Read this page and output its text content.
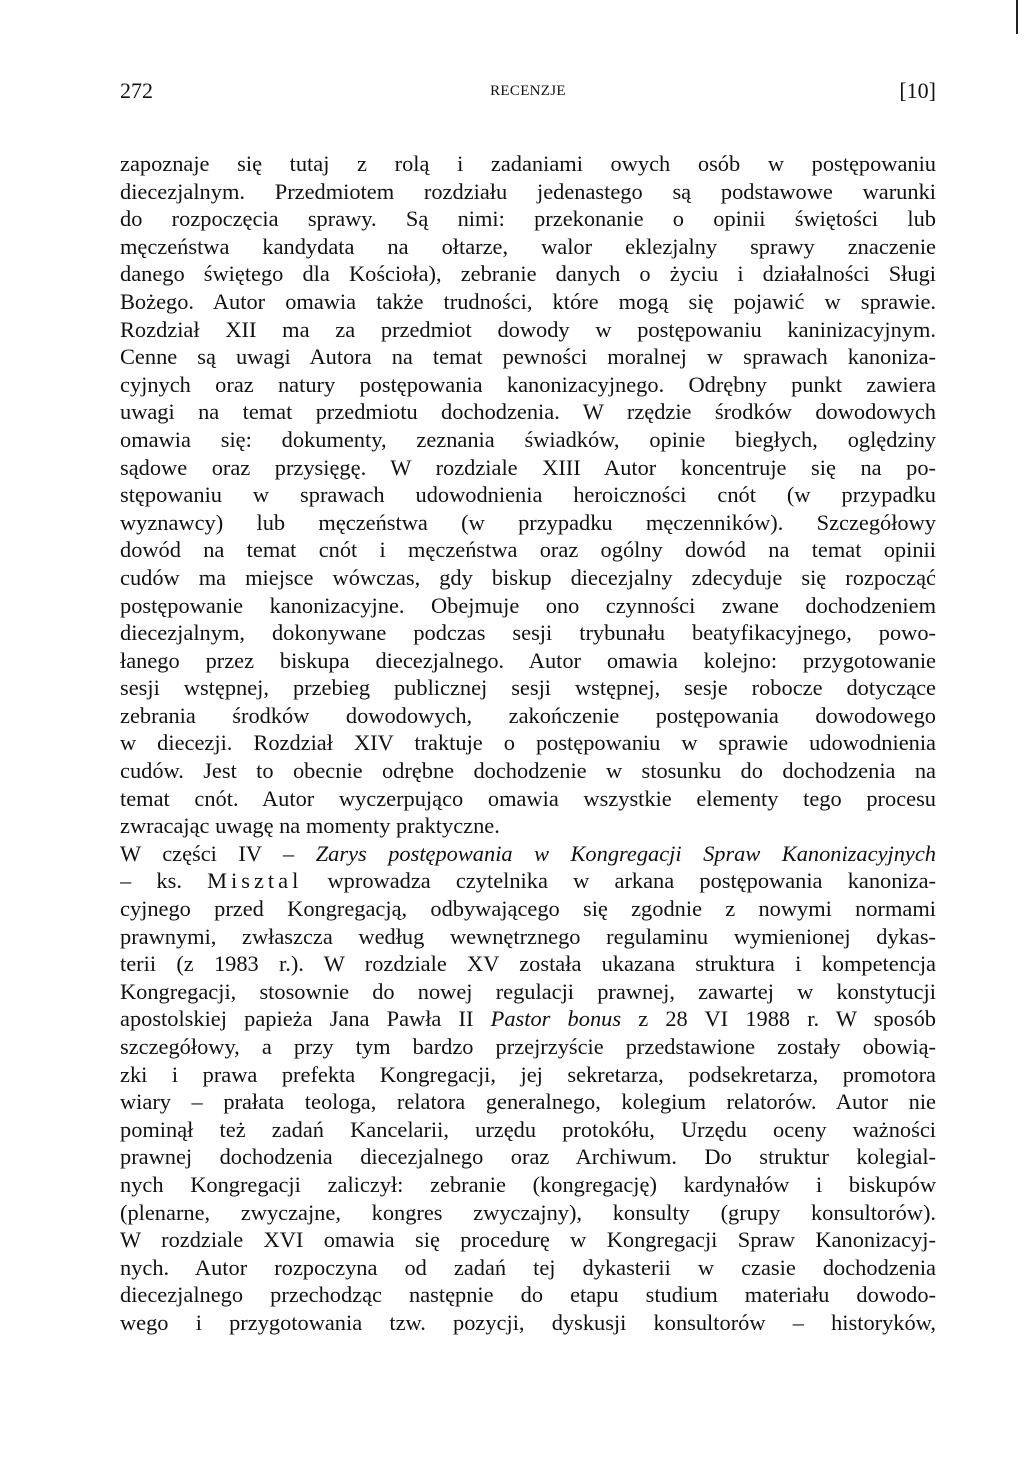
272	RECENZJE	[10]
zapoznaje się tutaj z rolą i zadaniami owych osób w postępowaniu
diecezjalnym. Przedmiotem rozdziału jedenastego są podstawowe warunki
do rozpoczęcia sprawy. Są nimi: przekonanie o opinii świętości lub
męczeństwa kandydata na ołtarze, walor eklezjalny sprawy znaczenie
danego świętego dla Kościoła), zebranie danych o życiu i działalności Sługi
Bożego. Autor omawia także trudności, które mogą się pojawić w sprawie.
Rozdział XII ma za przedmiot dowody w postępowaniu kaninizacyjnym.
Cenne są uwagi Autora na temat pewności moralnej w sprawach kanoniza-
cyjnych oraz natury postępowania kanonizacyjnego. Odrębny punkt zawiera
uwagi na temat przedmiotu dochodzenia. W rzędzie środków dowodowych
omawia się: dokumenty, zeznania świadków, opinie biegłych, oględziny
sądowe oraz przysięgę. W rozdziale XIII Autor koncentruje się na po-
stępowaniu w sprawach udowodnienia heroiczności cnót (w przypadku
wyznawcy) lub męczeństwa (w przypadku męczenników). Szczegółowy
dowód na temat cnót i męczeństwa oraz ogólny dowód na temat opinii
cudów ma miejsce wówczas, gdy biskup diecezjalny zdecyduje się rozpocząć
postępowanie kanonizacyjne. Obejmuje ono czynności zwane dochodzeniem
diecezjalnym, dokonywane podczas sesji trybunału beatyfikacyjnego, powo-
łanego przez biskupa diecezjalnego. Autor omawia kolejno: przygotowanie
sesji wstępnej, przebieg publicznej sesji wstępnej, sesje robocze dotyczące
zebrania środków dowodowych, zakończenie postępowania dowodowego
w diecezji. Rozdział XIV traktuje o postępowaniu w sprawie udowodnienia
cudów. Jest to obecnie odrębne dochodzenie w stosunku do dochodzenia na
temat cnót. Autor wyczerpująco omawia wszystkie elementy tego procesu
zwracając uwagę na momenty praktyczne.
W części IV – Zarys postępowania w Kongregacji Spraw Kanonizacyjnych
– ks. Misztal wprowadza czytelnika w arkana postępowania kanoniza-
cyjnego przed Kongregacją, odbywającego się zgodnie z nowymi normami
prawnymi, zwłaszcza według wewnętrznego regulaminu wymienionej dykas-
terii (z 1983 r.). W rozdziale XV została ukazana struktura i kompetencja
Kongregacji, stosownie do nowej regulacji prawnej, zawartej w konstytucji
apostolskiej papieża Jana Pawła II Pastor bonus z 28 VI 1988 r. W sposób
szczegółowy, a przy tym bardzo przejrzyście przedstawione zostały obowią-
zki i prawa prefekta Kongregacji, jej sekretarza, podsekretarza, promotora
wiary – prałata teologa, relatora generalnego, kolegium relatorów. Autor nie
pominął też zadań Kancelarii, urzędu protokółu, Urzędu oceny ważności
prawnej dochodzenia diecezjalnego oraz Archiwum. Do struktur kolegial-
nych Kongregacji zaliczył: zebranie (kongregację) kardynałów i biskupów
(plenarne, zwyczajne, kongres zwyczajny), konsulty (grupy konsultorów).
W rozdziale XVI omawia się procedurę w Kongregacji Spraw Kanonizacyj-
nych. Autor rozpoczyna od zadań tej dykasterii w czasie dochodzenia
diecezjalnego przechodząc następnie do etapu studium materiału dowodo-
wego i przygotowania tzw. pozycji, dyskusji konsultorów – historyków,
